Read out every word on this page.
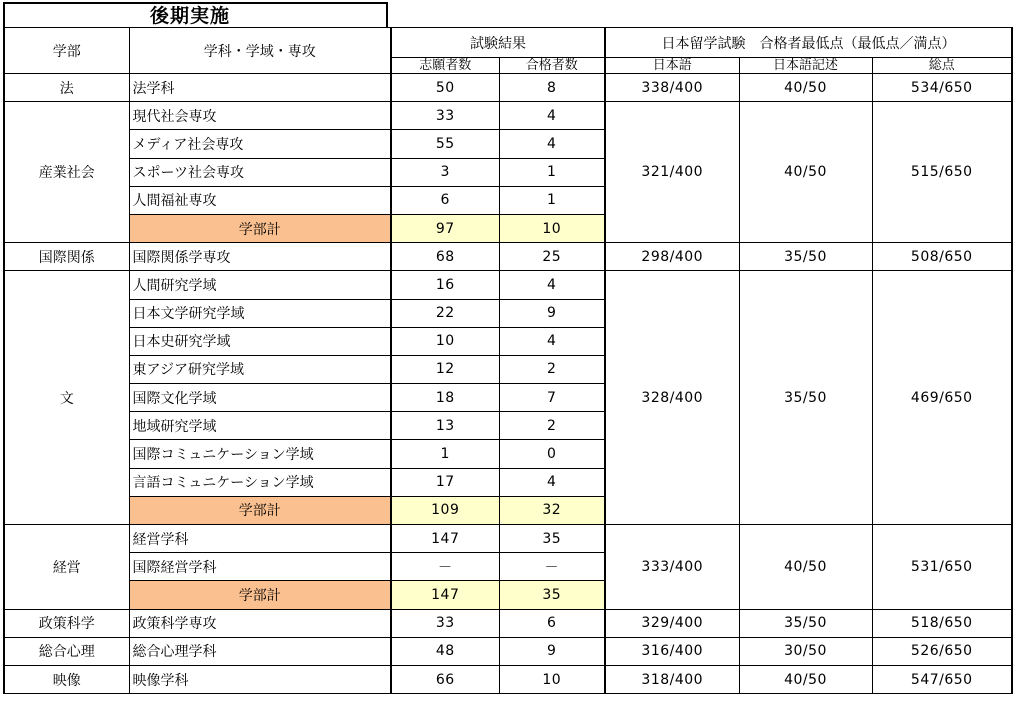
後期実施
学部	学科・学域・専攻	試験結果		日本留学試験　合格者最低点（最低点／満点）		
		志願者数	合格者数	日本語	日本語記述	総点
法	法学科	50	8	338/400	40/50	534/650
産業社会	現代社会専攻	33	4	321/400	40/50	515/650
	メディア社会専攻	55	4			
	スポーツ社会専攻	3	1			
	人間福祉専攻	6	1			
	学部計	97	10			
国際関係	国際関係学専攻	68	25	298/400	35/50	508/650
文	人間研究学域	16	4	328/400	35/50	469/650
	日本文学研究学域	22	9			
	日本史研究学域	10	4			
	東アジア研究学域	12	2			
	国際文化学域	18	7			
	地域研究学域	13	2			
	国際コミュニケーション学域	1	0			
	言語コミュニケーション学域	17	4			
	学部計	109	32			
経営	経営学科	147	35	333/400	40/50	531/650
	国際経営学科	－	－			
	学部計	147	35			
政策科学	政策科学専攻	33	6	329/400	35/50	518/650
総合心理	総合心理学科	48	9	316/400	30/50	526/650
映像	映像学科	66	10	318/400	40/50	547/650
